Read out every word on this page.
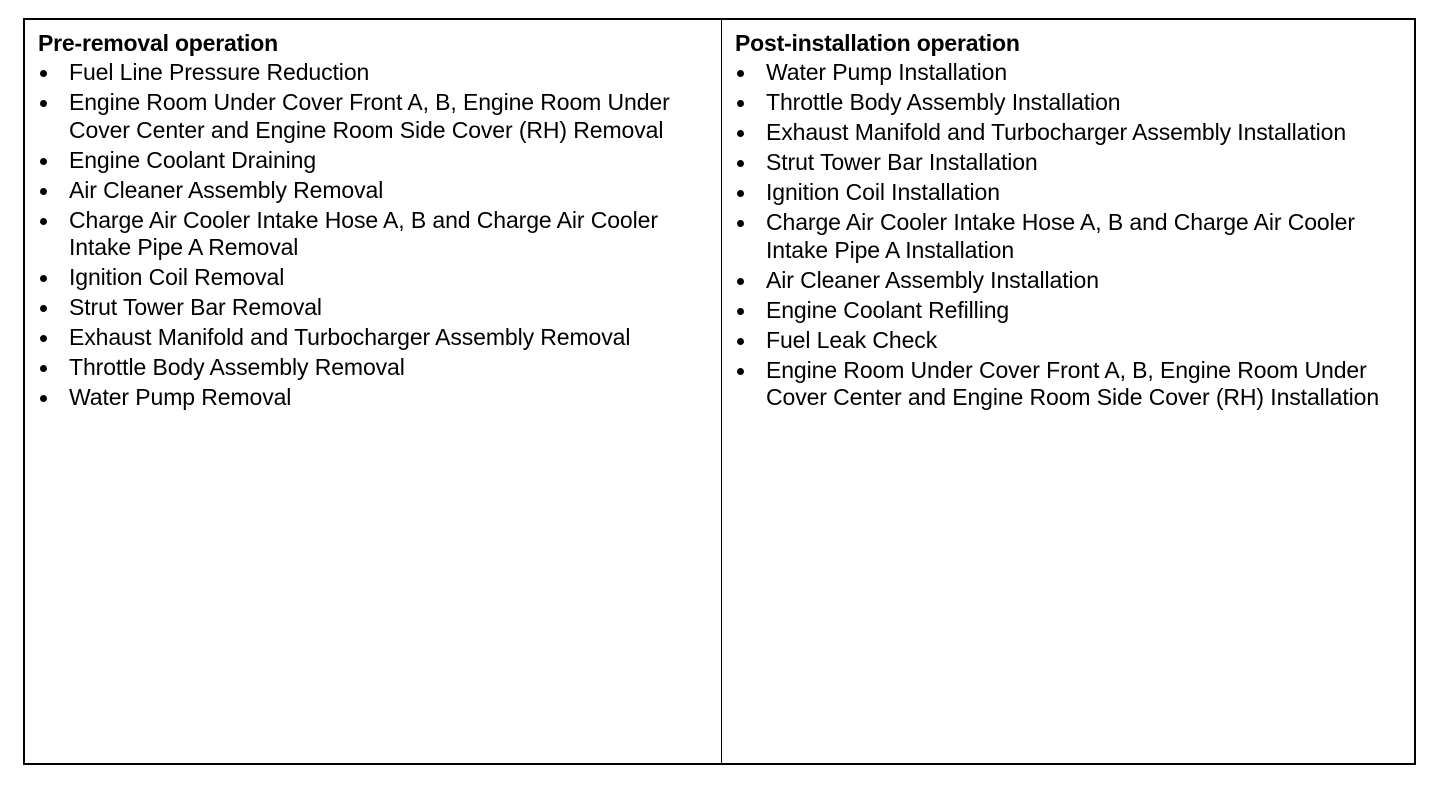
Pre-removal operation
Fuel Line Pressure Reduction
Engine Room Under Cover Front A, B, Engine Room Under Cover Center and Engine Room Side Cover (RH) Removal
Engine Coolant Draining
Air Cleaner Assembly Removal
Charge Air Cooler Intake Hose A, B and Charge Air Cooler Intake Pipe A Removal
Ignition Coil Removal
Strut Tower Bar Removal
Exhaust Manifold and Turbocharger Assembly Removal
Throttle Body Assembly Removal
Water Pump Removal
Post-installation operation
Water Pump Installation
Throttle Body Assembly Installation
Exhaust Manifold and Turbocharger Assembly Installation
Strut Tower Bar Installation
Ignition Coil Installation
Charge Air Cooler Intake Hose A, B and Charge Air Cooler Intake Pipe A Installation
Air Cleaner Assembly Installation
Engine Coolant Refilling
Fuel Leak Check
Engine Room Under Cover Front A, B, Engine Room Under Cover Center and Engine Room Side Cover (RH) Installation
